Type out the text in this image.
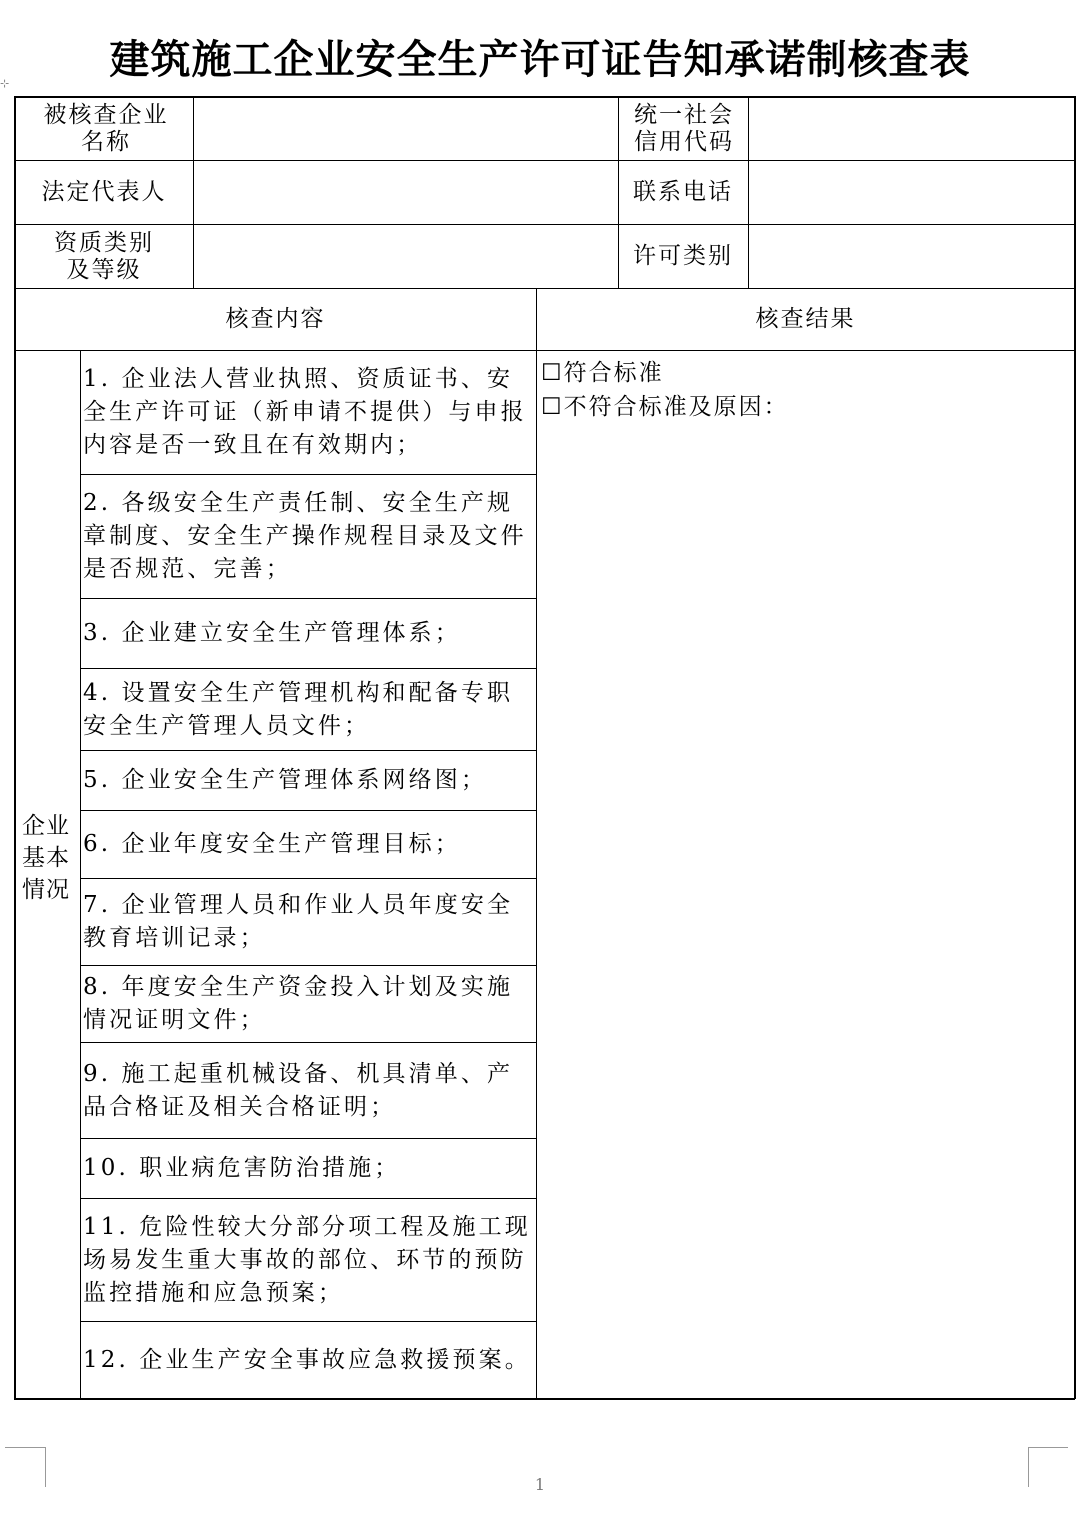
建筑施工企业安全生产许可证告知承诺制核查表
⊹
被核查企业名称
统一社会信用代码
法定代表人	联系电话
资质类别及等级
许可类别
核查内容	核查结果
企业基本情况
1. 企业法人营业执照、资质证书、安全生产许可证（新申请不提供）与申报内容是否一致且在有效期内；
2. 各级安全生产责任制、安全生产规章制度、安全生产操作规程目录及文件是否规范、完善；
3. 企业建立安全生产管理体系；
4. 设置安全生产管理机构和配备专职安全生产管理人员文件；
5. 企业安全生产管理体系网络图；
6. 企业年度安全生产管理目标；
7. 企业管理人员和作业人员年度安全教育培训记录；
8. 年度安全生产资金投入计划及实施情况证明文件；
9. 施工起重机械设备、机具清单、产品合格证及相关合格证明；
10. 职业病危害防治措施；
11. 危险性较大分部分项工程及施工现场易发生重大事故的部位、环节的预防监控措施和应急预案；
12. 企业生产安全事故应急救援预案。
☐符合标准
☐不符合标准及原因：
1
